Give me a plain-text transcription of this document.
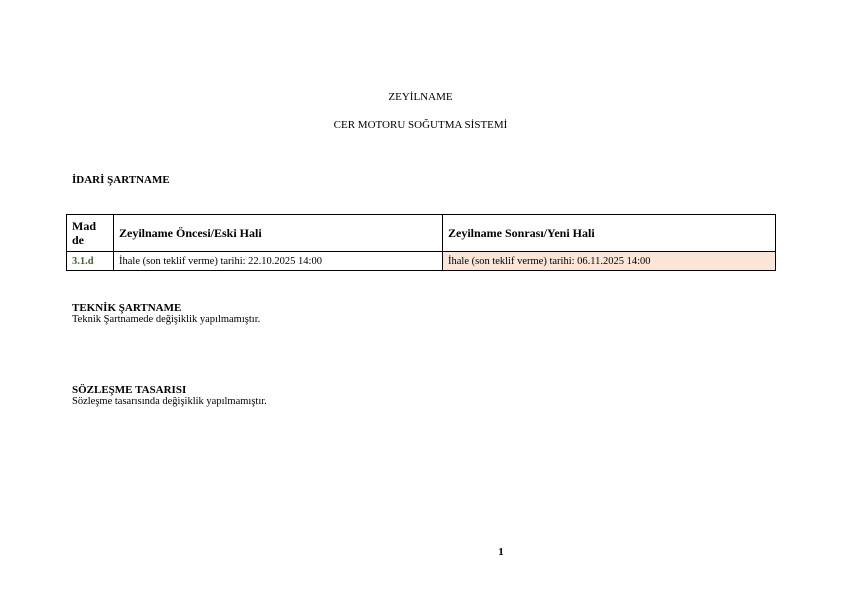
ZEYİLNAME
CER MOTORU SOĞUTMA SİSTEMİ
İDARİ ŞARTNAME
Mad de	Zeyilname Öncesi/Eski Hali	Zeyilname Sonrası/Yeni Hali
3.1.d	İhale (son teklif verme) tarihi: 22.10.2025 14:00	İhale (son teklif verme) tarihi: 06.11.2025 14:00
TEKNİK ŞARTNAME
Teknik Şartnamede değişiklik yapılmamıştır.
SÖZLEŞME TASARISI
Sözleşme tasarısında değişiklik yapılmamıştır.
1
